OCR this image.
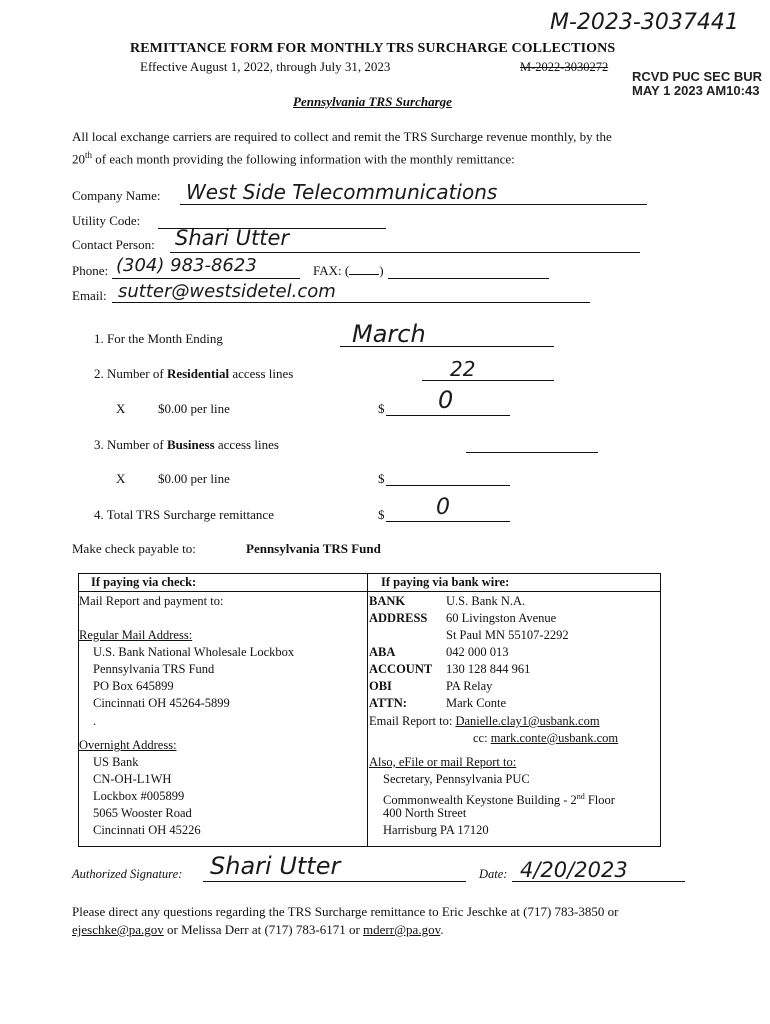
M-2023-3037441
REMITTANCE FORM FOR MONTHLY TRS SURCHARGE COLLECTIONS
Effective August 1, 2022, through July 31, 2023	M-2022-3030272
RCVD PUC SEC BUR
MAY 1 2023 AM10:43
Pennsylvania TRS Surcharge
All local exchange carriers are required to collect and remit the TRS Surcharge revenue monthly, by the
20th of each month providing the following information with the monthly remittance:
Company Name: West Side Telecommunications
Utility Code:
Contact Person: Shari Utter
Phone: (304) 983-8623	FAX: ( )
Email: sutter@westsidetel.com
1. For the Month Ending	March
2. Number of Residential access lines	22
X	$0.00 per line	$ 0
3. Number of Business access lines
X	$0.00 per line	$
4. Total TRS Surcharge remittance	$ 0
Make check payable to:	Pennsylvania TRS Fund
If paying via check:	If paying via bank wire:
Mail Report and payment to:
Regular Mail Address:
U.S. Bank National Wholesale Lockbox
Pennsylvania TRS Fund
PO Box 645899
Cincinnati OH 45264-5899
.
Overnight Address:
US Bank
CN-OH-L1WH
Lockbox #005899
5065 Wooster Road
Cincinnati OH 45226
BANK	U.S. Bank N.A.
ADDRESS 60 Livingston Avenue
St Paul MN 55107-2292
ABA	042 000 013
ACCOUNT 130 128 844 961
OBI	PA Relay
ATTN:	Mark Conte
Email Report to: Danielle.clay1@usbank.com
cc: mark.conte@usbank.com
Also, eFile or mail Report to:
Secretary, Pennsylvania PUC
Commonwealth Keystone Building - 2nd Floor
400 North Street
Harrisburg PA 17120
Authorized Signature: Shari Utter	Date: 4/20/2023
Please direct any questions regarding the TRS Surcharge remittance to Eric Jeschke at (717) 783-3850 or
ejeschke@pa.gov or Melissa Derr at (717) 783-6171 or mderr@pa.gov.
